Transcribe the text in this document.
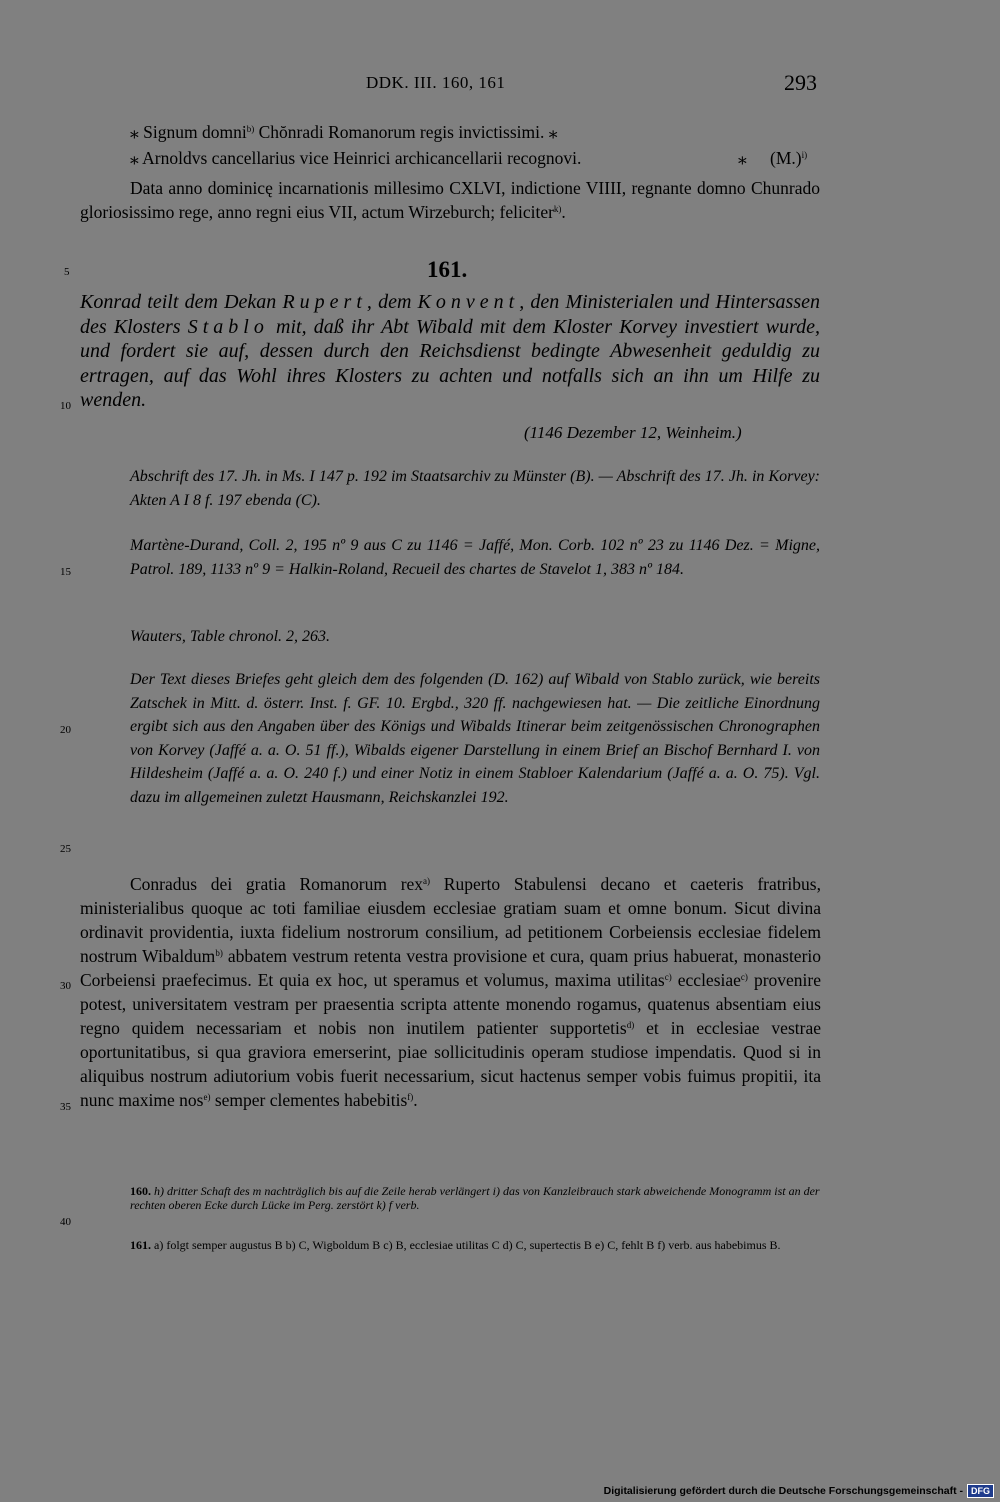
DDK. III. 160, 161	293
⁎ Signum domni$^{b)}$ Chŏnradi Romanorum regis invictissimi. ⁎
⁎ Arnoldvs cancellarius vice Heinrici archicancellarii recognovi.	⁎ $(M.)^{i)}$
Data anno dominicę incarnationis millesimo CXLVI, indictione VIIII, regnante domno Chunrado gloriosissimo rege, anno regni eius VII, actum Wirzeburch; feliciter$^{k)}$.
5	161.
Konrad teilt dem Dekan Rupert, dem Konvent, den Ministerialen und Hintersassen des Klosters Stablo mit, daß ihr Abt Wibald mit dem Kloster Korvey investiert wurde, und fordert sie auf, dessen durch den Reichsdienst bedingte Abwesenheit geduldig zu ertragen, auf das Wohl ihres Klosters zu achten und notfalls sich an ihn um Hilfe zu wenden.
10
(1146 Dezember 12, Weinheim.)
Abschrift des 17. Jh. in Ms. I 147 p. 192 im Staatsarchiv zu Münster (B). — Abschrift des 17. Jh. in Korvey: Akten A I 8 f. 197 ebenda (C).
Martène-Durand, Coll. 2, 195 nº 9 aus C zu 1146 = Jaffé, Mon. Corb. 102 nº 23 zu 1146 Dez. = Migne, Patrol. 189, 1133 nº 9 = Halkin-Roland, Recueil des chartes de Stavelot 1, 383 nº 184.
15
Wauters, Table chronol. 2, 263.
Der Text dieses Briefes geht gleich dem des folgenden (D. 162) auf Wibald von Stablo zurück, wie bereits Zatschek in Mitt. d. österr. Inst. f. GF. 10. Ergbd., 320 ff. nachgewiesen hat. — Die zeitliche Einordnung ergibt sich aus den Angaben über des Königs und Wibalds Itinerar beim zeitgenössischen Chronographen von Korvey (Jaffé a. a. O. 51 ff.), Wibalds eigener Darstellung in einem Brief an Bischof Bernhard I. von Hildesheim (Jaffé a. a. O. 240 f.) und einer Notiz in einem Stabloer Kalendarium (Jaffé a. a. O. 75). Vgl. dazu im allgemeinen zuletzt Hausmann, Reichskanzlei 192.
20
25
Conradus dei gratia Romanorum rex$^{a)}$ Ruperto Stabulensi decano et caeteris fratribus, ministerialibus quoque ac toti familiae eiusdem ecclesiae gratiam suam et omne bonum. Sicut divina ordinavit providentia, iuxta fidelium nostrorum consilium, ad petitionem Corbeiensis ecclesiae fidelem nostrum Wibaldum$^{b)}$ abbatem vestrum retenta vestra provisione et cura, quam prius habuerat, monasterio Corbeiensi praefecimus. Et quia ex hoc, ut speramus et volumus, maxima utilitas$^{c)}$ ecclesiae$^{c)}$ provenire potest, universitatem vestram per praesentia scripta attente monendo rogamus, quatenus absentiam eius regno quidem necessariam et nobis non inutilem patienter supportetis$^{d)}$ et in ecclesiae vestrae oportunitatibus, si qua graviora emerserint, piae sollicitudinis operam studiose impendatis. Quod si in aliquibus nostrum adiutorium vobis fuerit necessarium, sicut hactenus semper vobis fuimus propitii, ita nunc maxime nos$^{e)}$ semper clementes habebitis$^{f)}$.
30
35
160. h) dritter Schaft des m nachträglich bis auf die Zeile herab verlängert i) das von Kanzleibrauch stark abweichende Monogramm ist an der rechten oberen Ecke durch Lücke im Perg. zerstört k) f verb.
40
161. a) folgt semper augustus B b) C, Wigboldum B c) B, ecclesiae utilitas C d) C, supertectis B e) C, fehlt B f) verb. aus habebimus B.
Digitalisierung gefördert durch die Deutsche Forschungsgemeinschaft - DFG
